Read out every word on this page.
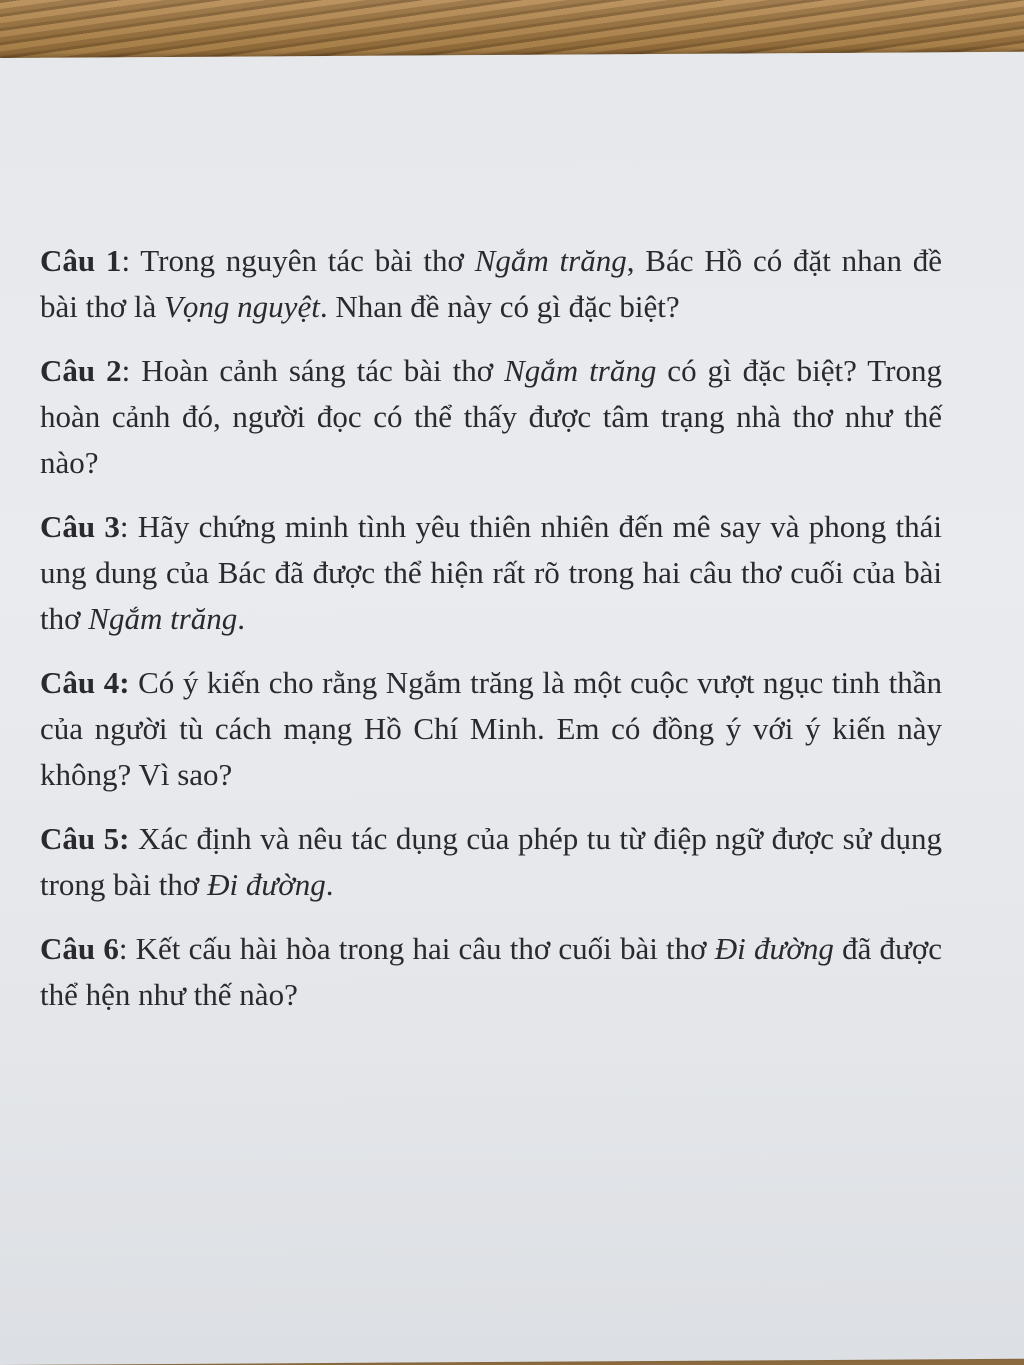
Câu 1: Trong nguyên tác bài thơ Ngắm trăng, Bác Hồ có đặt nhan đề bài thơ là Vọng nguyệt. Nhan đề này có gì đặc biệt?

Câu 2: Hoàn cảnh sáng tác bài thơ Ngắm trăng có gì đặc biệt? Trong hoàn cảnh đó, người đọc có thể thấy được tâm trạng nhà thơ như thế nào?

Câu 3: Hãy chứng minh tình yêu thiên nhiên đến mê say và phong thái ung dung của Bác đã được thể hiện rất rõ trong hai câu thơ cuối của bài thơ Ngắm trăng.

Câu 4: Có ý kiến cho rằng Ngắm trăng là một cuộc vượt ngục tinh thần của người tù cách mạng Hồ Chí Minh. Em có đồng ý với ý kiến này không? Vì sao?

Câu 5: Xác định và nêu tác dụng của phép tu từ điệp ngữ được sử dụng trong bài thơ Đi đường.

Câu 6: Kết cấu hài hòa trong hai câu thơ cuối bài thơ Đi đường đã được thể hện như thế nào?
